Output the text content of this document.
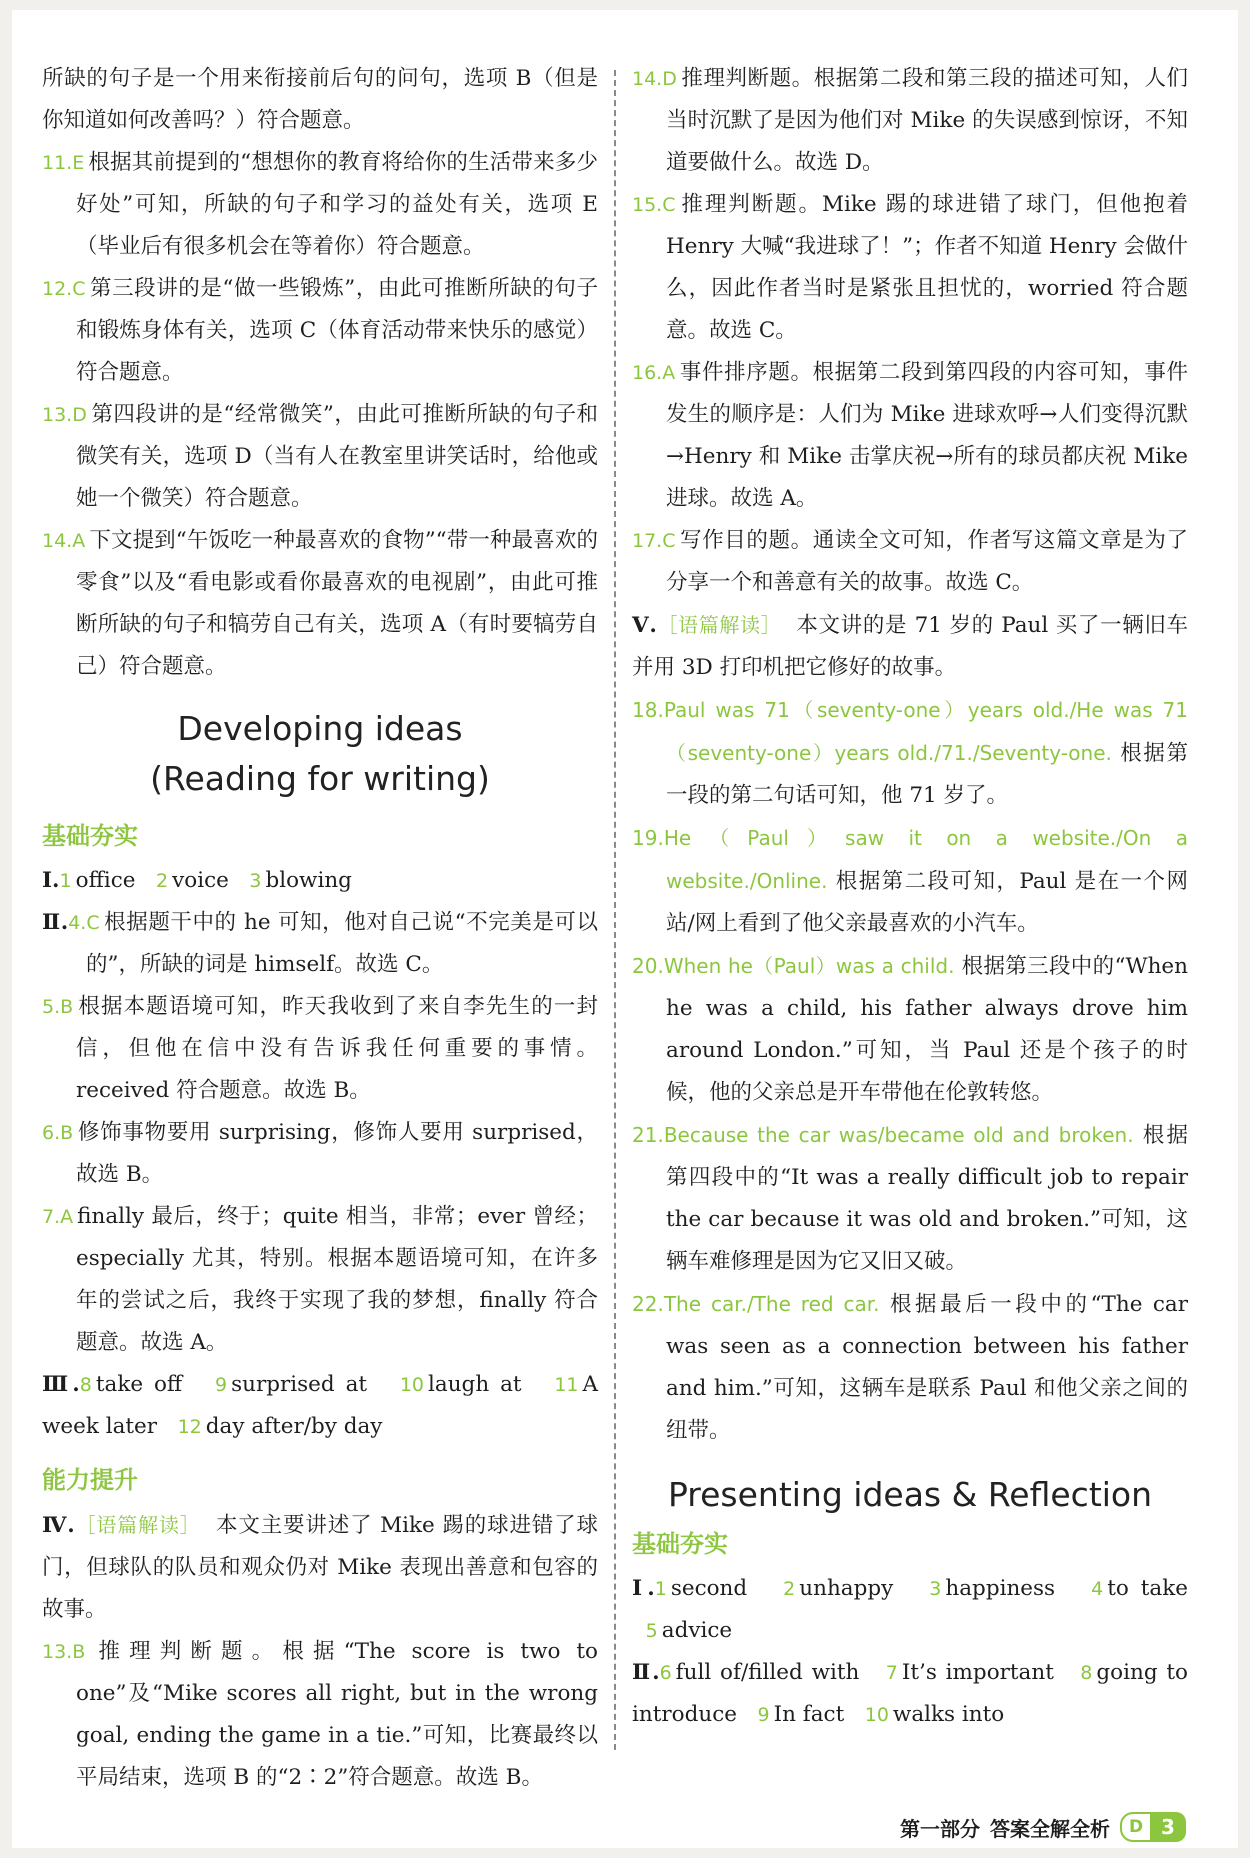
所缺的句子是一个用来衔接前后句的问句，选项 B（但是你知道如何改善吗？）符合题意。

11.E 根据其前提到的“想想你的教育将给你的生活带来多少好处”可知，所缺的句子和学习的益处有关，选项 E（毕业后有很多机会在等着你）符合题意。

12.C 第三段讲的是“做一些锻炼”，由此可推断所缺的句子和锻炼身体有关，选项 C（体育活动带来快乐的感觉）符合题意。

13.D 第四段讲的是“经常微笑”，由此可推断所缺的句子和微笑有关，选项 D（当有人在教室里讲笑话时，给他或她一个微笑）符合题意。

14.A 下文提到“午饭吃一种最喜欢的食物”“带一种最喜欢的零食”以及“看电影或看你最喜欢的电视剧”，由此可推断所缺的句子和犒劳自己有关，选项 A（有时要犒劳自己）符合题意。

Developing ideas

(Reading for writing)

基础夯实

Ⅰ.1 office 2 voice 3 blowing

Ⅱ.4.C 根据题干中的 he 可知，他对自己说“不完美是可以的”，所缺的词是 himself。故选 C。

5.B 根据本题语境可知，昨天我收到了来自李先生的一封信，但他在信中没有告诉我任何重要的事情。received 符合题意。故选 B。

6.B 修饰事物要用 surprising，修饰人要用 surprised，故选 B。

7.A finally 最后，终于；quite 相当，非常；ever 曾经；especially 尤其，特别。根据本题语境可知，在许多年的尝试之后，我终于实现了我的梦想，finally 符合题意。故选 A。

Ⅲ.8 take off 9 surprised at 10 laugh at 11 A week later 12 day after/by day

能力提升

Ⅳ.［语篇解读］ 本文主要讲述了 Mike 踢的球进错了球门，但球队的队员和观众仍对 Mike 表现出善意和包容的故事。

13.B 推理判断题。根据“The score is two to one”及“Mike scores all right, but in the wrong goal, ending the game in a tie.”可知，比赛最终以平局结束，选项 B 的“2∶2”符合题意。故选 B。

14.D 推理判断题。根据第二段和第三段的描述可知，人们当时沉默了是因为他们对 Mike 的失误感到惊讶，不知道要做什么。故选 D。

15.C 推理判断题。Mike 踢的球进错了球门，但他抱着 Henry 大喊“我进球了！”；作者不知道 Henry 会做什么，因此作者当时是紧张且担忧的，worried 符合题意。故选 C。

16.A 事件排序题。根据第二段到第四段的内容可知，事件发生的顺序是：人们为 Mike 进球欢呼→人们变得沉默→Henry 和 Mike 击掌庆祝→所有的球员都庆祝 Mike 进球。故选 A。

17.C 写作目的题。通读全文可知，作者写这篇文章是为了分享一个和善意有关的故事。故选 C。

Ⅴ.［语篇解读］ 本文讲的是 71 岁的 Paul 买了一辆旧车并用 3D 打印机把它修好的故事。

18.Paul was 71（seventy-one）years old./He was 71（seventy-one）years old./71./Seventy-one. 根据第一段的第二句话可知，他 71 岁了。

19.He（Paul）saw it on a website./On a website./Online. 根据第二段可知，Paul 是在一个网站/网上看到了他父亲最喜欢的小汽车。

20.When he（Paul）was a child. 根据第三段中的“When he was a child, his father always drove him around London.”可知，当 Paul 还是个孩子的时候，他的父亲总是开车带他在伦敦转悠。

21.Because the car was/became old and broken. 根据第四段中的“It was a really difficult job to repair the car because it was old and broken.”可知，这辆车难修理是因为它又旧又破。

22.The car./The red car. 根据最后一段中的“The car was seen as a connection between his father and him.”可知，这辆车是联系 Paul 和他父亲之间的纽带。

Presenting ideas & Reflection

基础夯实

Ⅰ.1 second 2 unhappy 3 happiness 4 to take   5 advice

Ⅱ.6 full of/filled with 7 It’s important 8 going to introduce 9 In fact 10 walks into

第一部分 答案全解全析	D 3
